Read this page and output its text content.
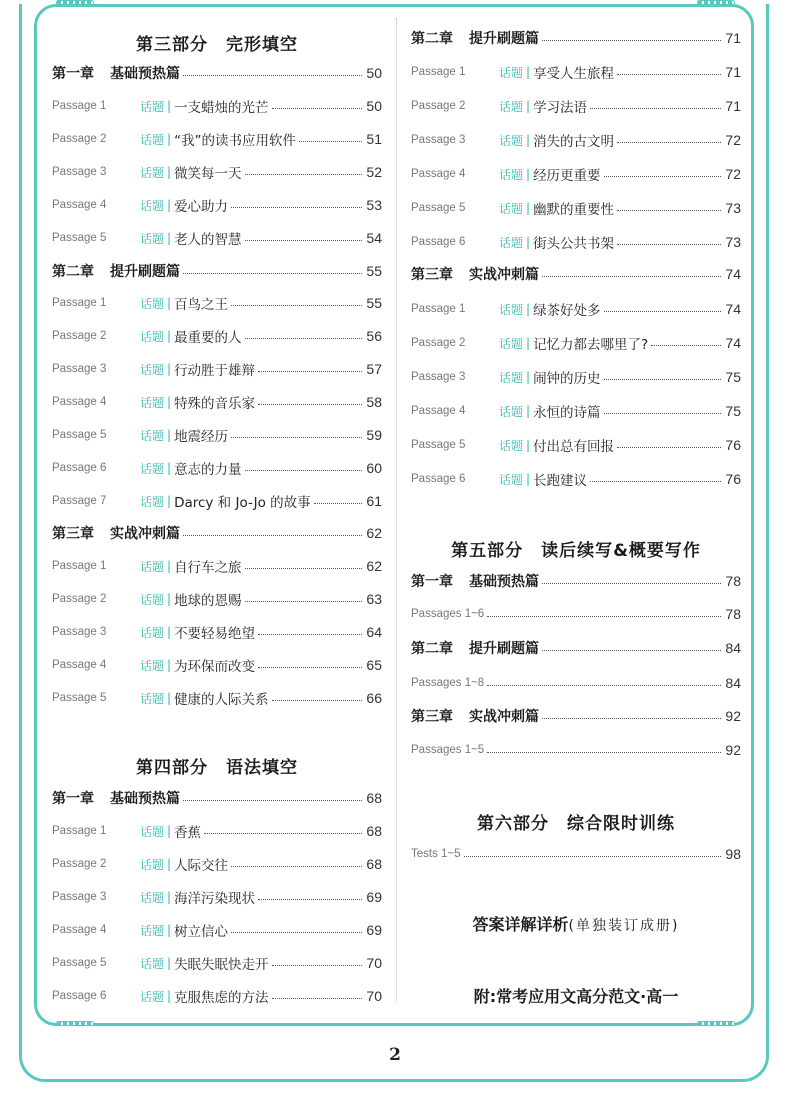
第三部分　完形填空
第一章 基础预热篇	50
Passage 1	话题 | 一支蜡烛的光芒	50
Passage 2	话题 | “我”的读书应用软件	51
Passage 3	话题 | 微笑每一天	52
Passage 4	话题 | 爱心助力	53
Passage 5	话题 | 老人的智慧	54
第二章 提升刷题篇	55
Passage 1	话题 | 百鸟之王	55
Passage 2	话题 | 最重要的人	56
Passage 3	话题 | 行动胜于雄辩	57
Passage 4	话题 | 特殊的音乐家	58
Passage 5	话题 | 地震经历	59
Passage 6	话题 | 意志的力量	60
Passage 7	话题 | Darcy 和 Jo-Jo 的故事	61
第三章 实战冲刺篇	62
Passage 1	话题 | 自行车之旅	62
Passage 2	话题 | 地球的恩赐	63
Passage 3	话题 | 不要轻易绝望	64
Passage 4	话题 | 为环保而改变	65
Passage 5	话题 | 健康的人际关系	66
第四部分　语法填空
第一章 基础预热篇	68
Passage 1	话题 | 香蕉	68
Passage 2	话题 | 人际交往	68
Passage 3	话题 | 海洋污染现状	69
Passage 4	话题 | 树立信心	69
Passage 5	话题 | 失眠失眠快走开	70
Passage 6	话题 | 克服焦虑的方法	70
第二章 提升刷题篇	71
Passage 1	话题 | 享受人生旅程	71
Passage 2	话题 | 学习法语	71
Passage 3	话题 | 消失的古文明	72
Passage 4	话题 | 经历更重要	72
Passage 5	话题 | 幽默的重要性	73
Passage 6	话题 | 街头公共书架	73
第三章 实战冲刺篇	74
Passage 1	话题 | 绿茶好处多	74
Passage 2	话题 | 记忆力都去哪里了?	74
Passage 3	话题 | 闹钟的历史	75
Passage 4	话题 | 永恒的诗篇	75
Passage 5	话题 | 付出总有回报	76
Passage 6	话题 | 长跑建议	76
第五部分　读后续写&概要写作
第一章 基础预热篇	78
Passages 1~6	78
第二章 提升刷题篇	84
Passages 1~8	84
第三章 实战冲刺篇	92
Passages 1~5	92
第六部分　综合限时训练
Tests 1~5	98
答案详解详析(单独装订成册)
附:常考应用文高分范文·高一
2
